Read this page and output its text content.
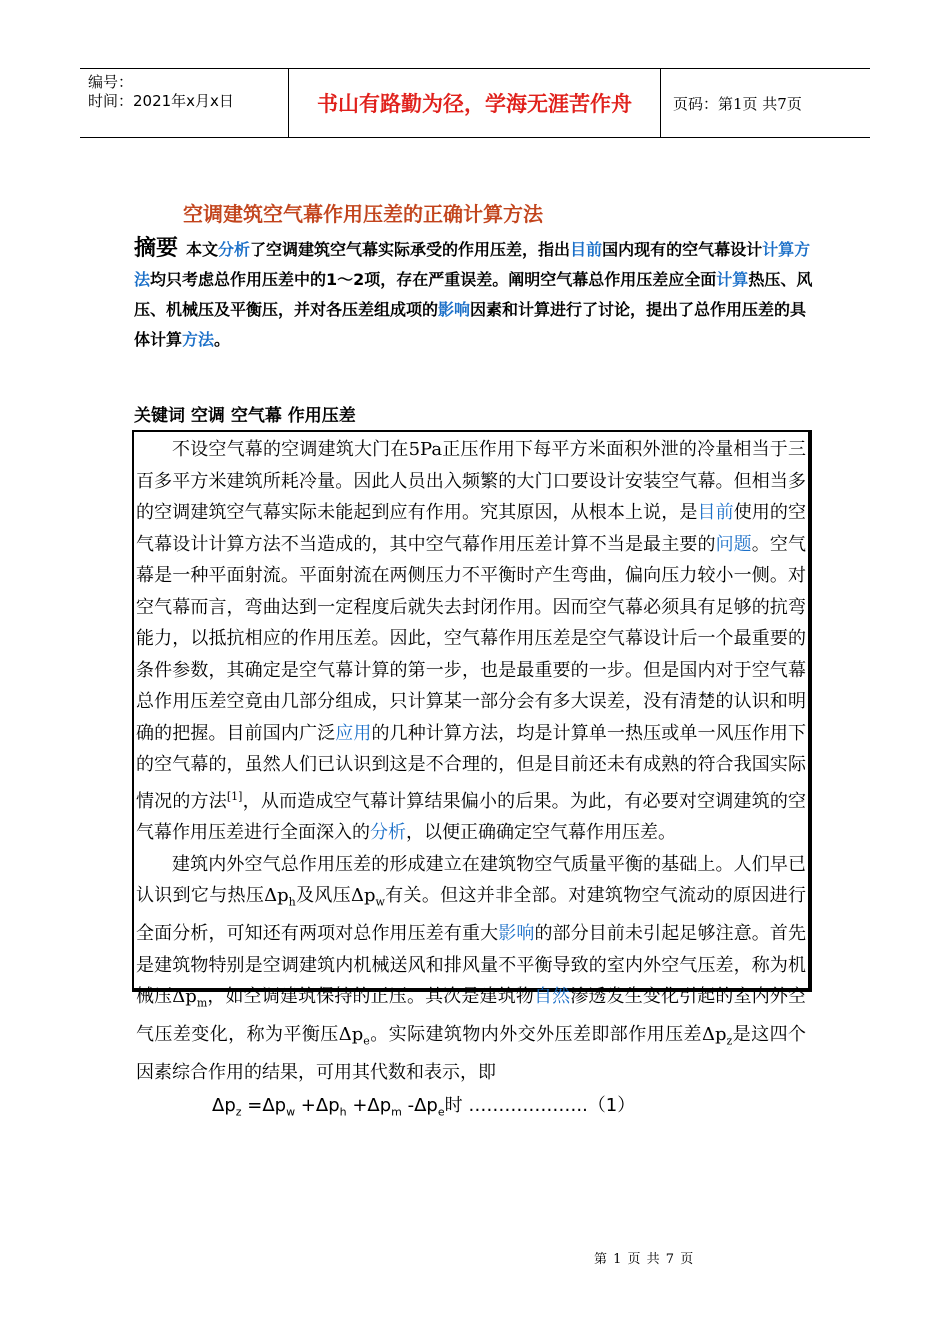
编号：
时间：2021年x月x日	书山有路勤为径，学海无涯苦作舟	页码：第1页 共7页
空调建筑空气幕作用压差的正确计算方法
摘要 本文分析了空调建筑空气幕实际承受的作用压差，指出目前国内现有的空气幕设计计算方法均只考虑总作用压差中的1～2项，存在严重误差。阐明空气幕总作用压差应全面计算热压、风压、机械压及平衡压，并对各压差组成项的影响因素和计算进行了讨论，提出了总作用压差的具体计算方法。
关键词 空调 空气幕 作用压差

不设空气幕的空调建筑大门在5Pa正压作用下每平方米面积外泄的冷量相当于三百多平方米建筑所耗冷量。因此人员出入频繁的大门口要设计安装空气幕。但相当多的空调建筑空气幕实际未能起到应有作用。究其原因，从根本上说，是目前使用的空气幕设计计算方法不当造成的，其中空气幕作用压差计算不当是最主要的问题。空气幕是一种平面射流。平面射流在两侧压力不平衡时产生弯曲，偏向压力较小一侧。对空气幕而言，弯曲达到一定程度后就失去封闭作用。因而空气幕必须具有足够的抗弯能力，以抵抗相应的作用压差。因此，空气幕作用压差是空气幕设计后一个最重要的条件参数，其确定是空气幕计算的第一步，也是最重要的一步。但是国内对于空气幕总作用压差空竟由几部分组成，只计算某一部分会有多大误差，没有清楚的认识和明确的把握。目前国内广泛应用的几种计算方法，均是计算单一热压或单一风压作用下的空气幕的，虽然人们已认识到这是不合理的，但是目前还未有成熟的符合我国实际情况的方法[1]，从而造成空气幕计算结果偏小的后果。为此，有必要对空调建筑的空气幕作用压差进行全面深入的分析，以便正确确定空气幕作用压差。

建筑内外空气总作用压差的形成建立在建筑物空气质量平衡的基础上。人们早已认识到它与热压$\Delta p_h$及风压$\Delta p_w$有关。但这并非全部。对建筑物空气流动的原因进行全面分析，可知还有两项对总作用压差有重大影响的部分目前未引起足够注意。首先是建筑物特别是空调建筑内机械送风和排风量不平衡导致的室内外空气压差，称为机械压$\Delta p_m$，如空调建筑保持的正压。其次是建筑物自然渗透发生变化引起的室内外空气压差变化，称为平衡压$\Delta p_e$。实际建筑物内外交外压差即部作用压差$\Delta p_z$是这四个因素综合作用的结果，可用其代数和表示，即

$\Delta p_z =\Delta p_w +\Delta p_h +\Delta p_m$ $-\Delta p_e$时 ………………..（1）
第 1 页 共 7 页
